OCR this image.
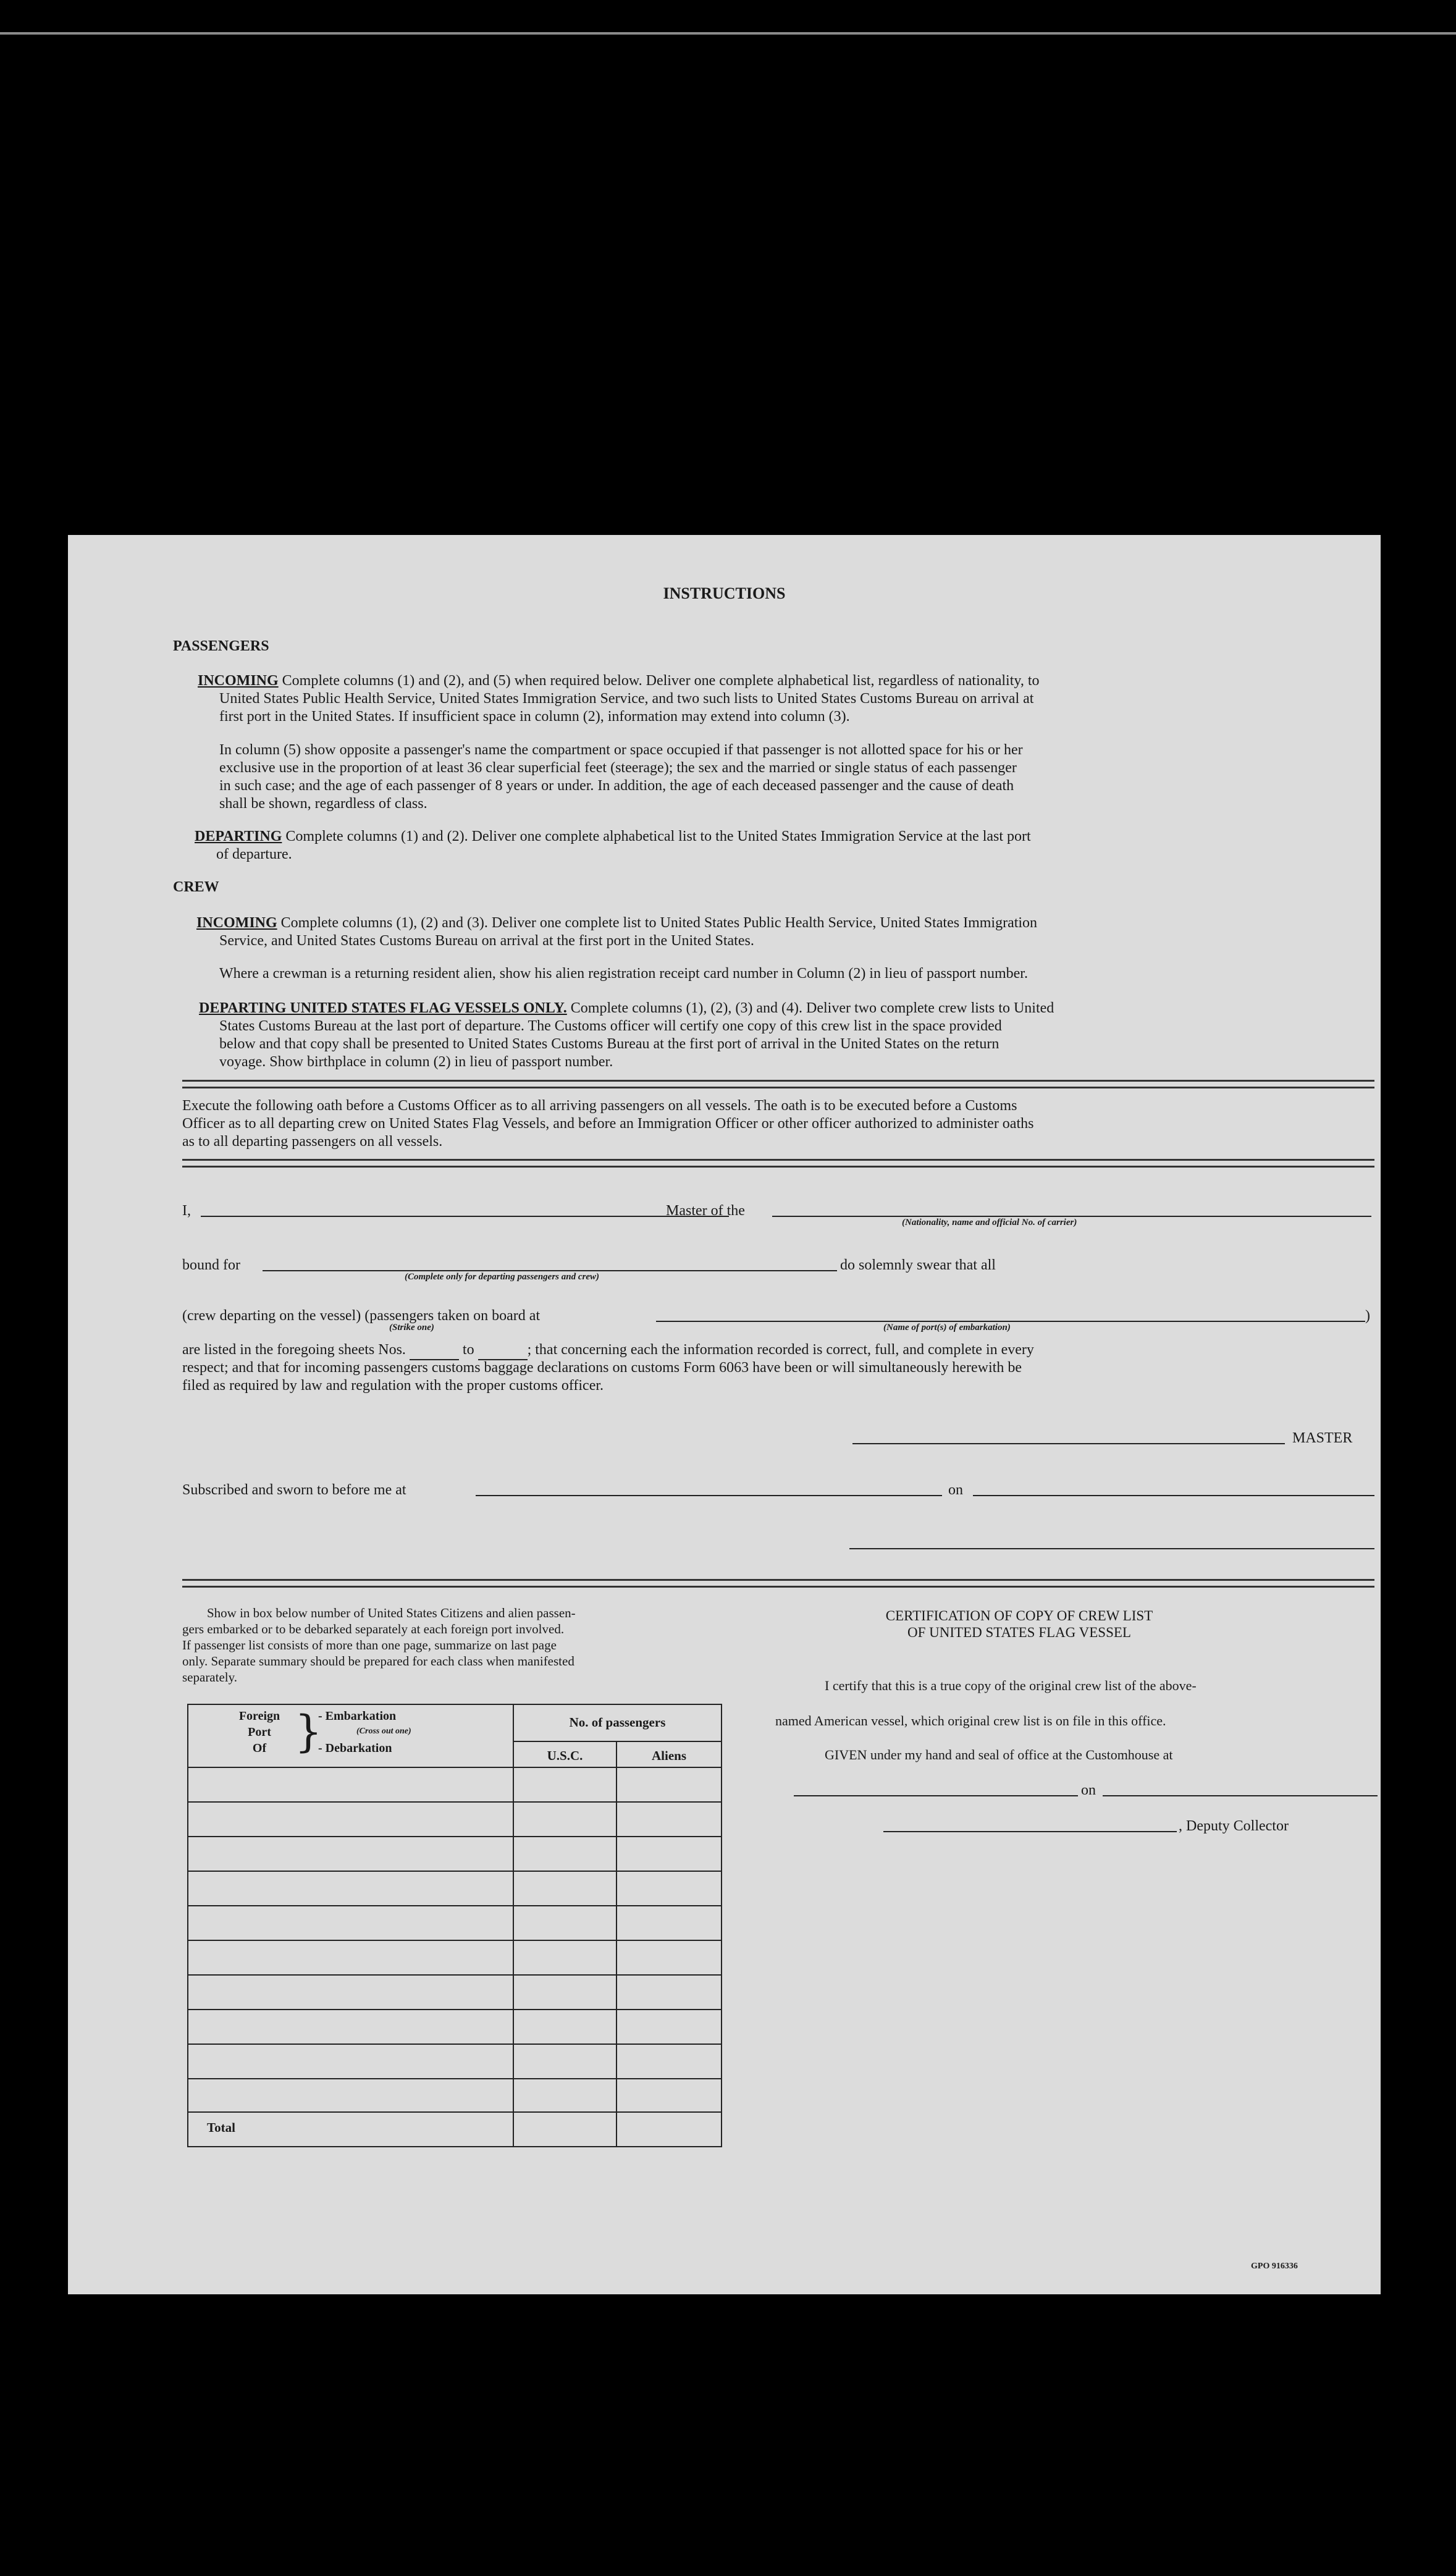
INSTRUCTIONS
PASSENGERS
INCOMING Complete columns (1) and (2), and (5) when required below. Deliver one complete alphabetical list, regardless of nationality, to
United States Public Health Service, United States Immigration Service, and two such lists to United States Customs Bureau on arrival at
first port in the United States. If insufficient space in column (2), information may extend into column (3).
In column (5) show opposite a passenger's name the compartment or space occupied if that passenger is not allotted space for his or her
exclusive use in the proportion of at least 36 clear superficial feet (steerage); the sex and the married or single status of each passenger
in such case; and the age of each passenger of 8 years or under. In addition, the age of each deceased passenger and the cause of death
shall be shown, regardless of class.
DEPARTING Complete columns (1) and (2). Deliver one complete alphabetical list to the United States Immigration Service at the last port
of departure.
CREW
INCOMING Complete columns (1), (2) and (3). Deliver one complete list to United States Public Health Service, United States Immigration
Service, and United States Customs Bureau on arrival at the first port in the United States.
Where a crewman is a returning resident alien, show his alien registration receipt card number in Column (2) in lieu of passport number.
DEPARTING UNITED STATES FLAG VESSELS ONLY. Complete columns (1), (2), (3) and (4). Deliver two complete crew lists to United
States Customs Bureau at the last port of departure. The Customs officer will certify one copy of this crew list in the space provided
below and that copy shall be presented to United States Customs Bureau at the first port of arrival in the United States on the return
voyage. Show birthplace in column (2) in lieu of passport number.
Execute the following oath before a Customs Officer as to all arriving passengers on all vessels. The oath is to be executed before a Customs
Officer as to all departing crew on United States Flag Vessels, and before an Immigration Officer or other officer authorized to administer oaths
as to all departing passengers on all vessels.
I,	Master of the
(Nationality, name and official No. of carrier)
bound for
(Complete only for departing passengers and crew)
do solemnly swear that all
(crew departing on the vessel) (passengers taken on board at	)
(Strike one)	(Name of port(s) of embarkation)
are listed in the foregoing sheets Nos.	to	; that concerning each the information recorded is correct, full, and complete in every
respect; and that for incoming passengers customs baggage declarations on customs Form 6063 have been or will simultaneously herewith be
filed as required by law and regulation with the proper customs officer.
MASTER
Subscribed and sworn to before me at	on
Show in box below number of United States Citizens and alien passen-
gers embarked or to be debarked separately at each foreign port involved.
If passenger list consists of more than one page, summarize on last page
only. Separate summary should be prepared for each class when manifested
separately.
Foreign
Port
Of }
- Embarkation
(Cross out one)
- Debarkation
No. of passengers
U.S.C.	Aliens
Total
CERTIFICATION OF COPY OF CREW LIST
OF UNITED STATES FLAG VESSEL
I certify that this is a true copy of the original crew list of the above-
named American vessel, which original crew list is on file in this office.
GIVEN under my hand and seal of office at the Customhouse at
on
, Deputy Collector
GPO 916336
